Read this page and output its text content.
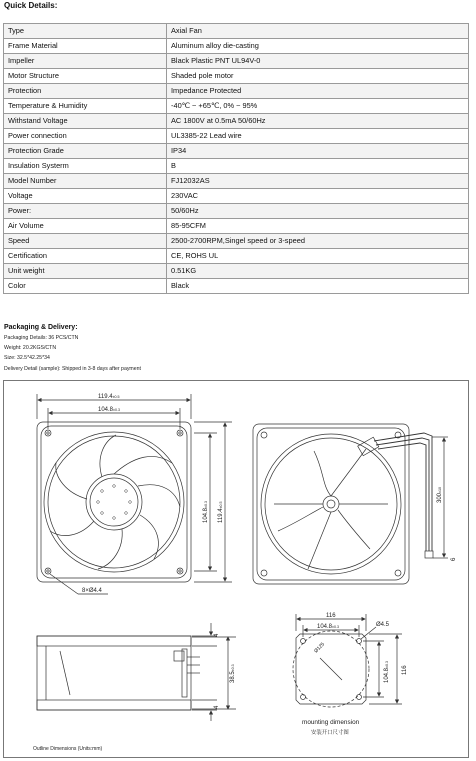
Quick Details:
Type	Axial Fan
Frame Material	Aluminum alloy die-casting
Impeller	Black Plastic PNT UL94V-0
Motor Structure	Shaded pole motor
Protection	Impedance Protected
Temperature & Humidity	-40℃ ~ +65℃, 0% ~ 95%
Withstand Voltage	AC 1800V at 0.5mA 50/60Hz
Power connection	UL3385-22 Lead wire
Protection Grade	IP34
Insulation Systerm	B
Model Number	FJ12032AS
Voltage	230VAC
Power:	50/60Hz
Air Volume	85-95CFM
Speed	2500-2700RPM,Singel speed or 3-speed
Certification	CE, ROHS UL
Unit weight	0.51KG
Color	Black
Packaging & Delivery:
Packaging Details: 36 PCS/CTN
Weight: 20.2KGS/CTN
Size: 32.5*42.25*34
Delivery Detail (sample): Shipped in 3-8 days after payment
119.4±0.5
104.8±0.3
104.8±0.3
119.4±0.5
8×Ø4.4
300±10
6
4
38.5±0.3
4
116
104.8±0.3	Ø4.5
Ø125
104.8±0.3
116
mounting dimension
安装开口尺寸图
Outline Dimensions (Units:mm)
